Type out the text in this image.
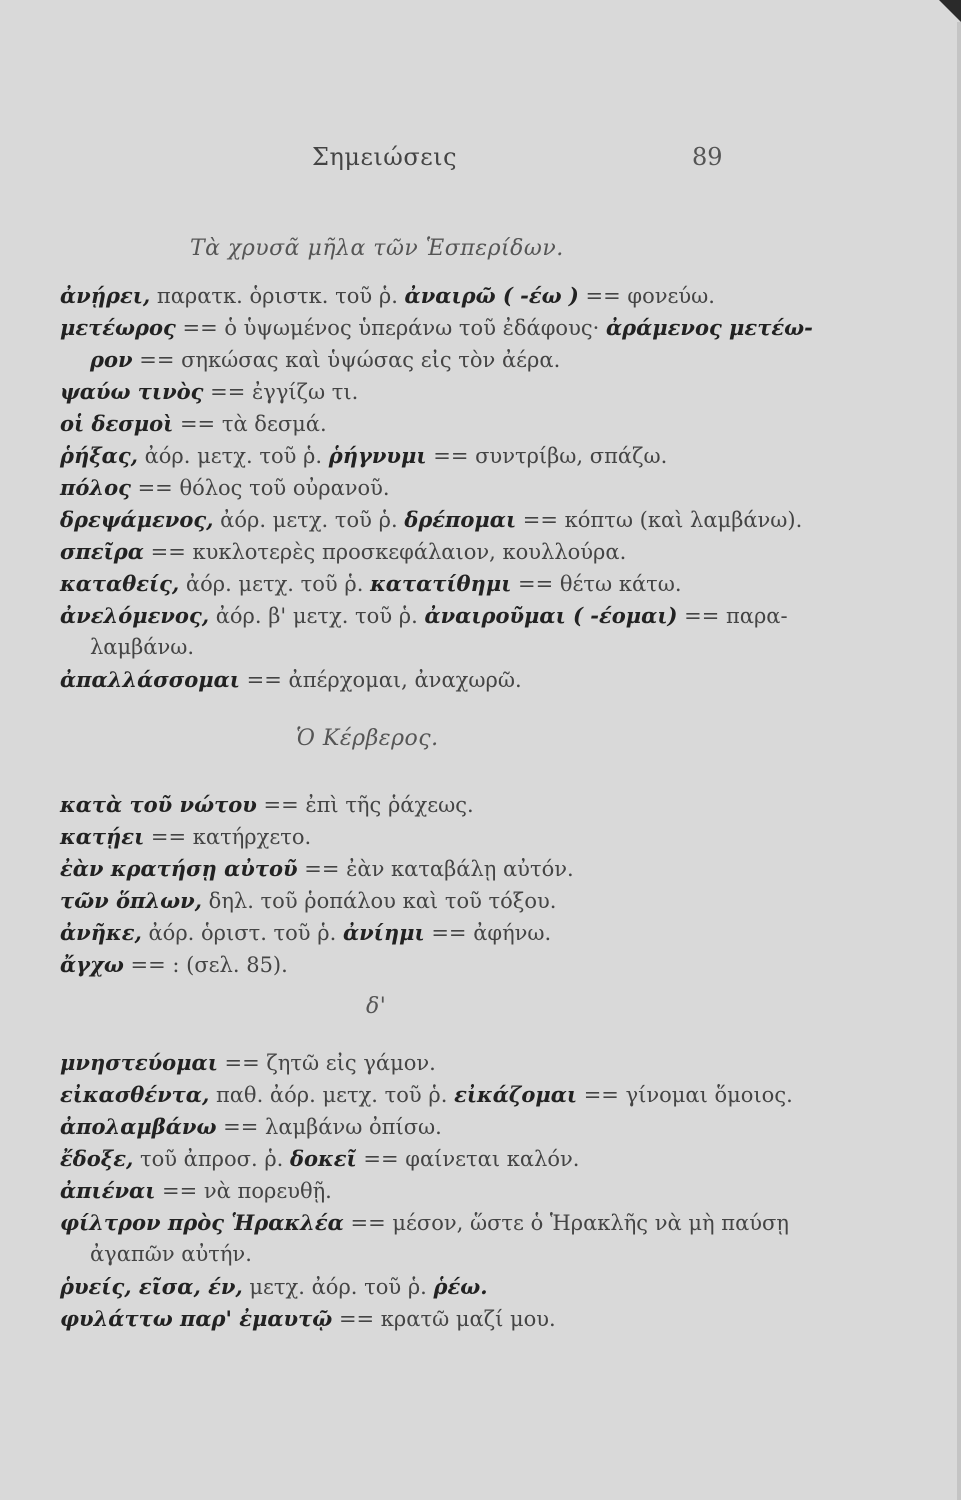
Σημειώσεις	89
Τὰ χρυσᾶ μῆλα τῶν Ἑσπερίδων.
ἀνῄρει, παρατκ. ὁριστκ. τοῦ ῥ. ἀναιρῶ ( -έω ) == φονεύω.
μετέωρος == ὁ ὑψωμένος ὑπεράνω τοῦ ἐδάφους· ἀράμενος μετέω-
ρον == σηκώσας καὶ ὑψώσας εἰς τὸν ἀέρα.
ψαύω τινὸς == ἐγγίζω τι.
οἱ δεσμοὶ == τὰ δεσμά.
ῥήξας, ἀόρ. μετχ. τοῦ ῥ. ῥήγνυμι == συντρίβω, σπάζω.
πόλος == θόλος τοῦ οὐρανοῦ.
δρεψάμενος, ἀόρ. μετχ. τοῦ ῥ. δρέπομαι == κόπτω (καὶ λαμβάνω).
σπεῖρα == κυκλοτερὲς προσκεφάλαιον, κουλλούρα.
καταθείς, ἀόρ. μετχ. τοῦ ῥ. κατατίθημι == θέτω κάτω.
ἀνελόμενος, ἀόρ. β' μετχ. τοῦ ῥ. ἀναιροῦμαι ( -έομαι) == παρα-
λαμβάνω.
ἀπαλλάσσομαι == ἀπέρχομαι, ἀναχωρῶ.
Ὁ Κέρβερος.
κατὰ τοῦ νώτου == ἐπὶ τῆς ῥάχεως.
κατῄει == κατήρχετο.
ἐὰν κρατήσῃ αὐτοῦ == ἐὰν καταβάλῃ αὐτόν.
τῶν ὅπλων, δηλ. τοῦ ῥοπάλου καὶ τοῦ τόξου.
ἀνῆκε, ἀόρ. ὁριστ. τοῦ ῥ. ἀνίημι == ἀφήνω.
ἄγχω == : (σελ. 85).
δ'
μνηστεύομαι == ζητῶ εἰς γάμον.
εἰκασθέντα, παθ. ἀόρ. μετχ. τοῦ ῥ. εἰκάζομαι == γίνομαι ὅμοιος.
ἀπολαμβάνω == λαμβάνω ὀπίσω.
ἔδοξε, τοῦ ἀπροσ. ῥ. δοκεῖ == φαίνεται καλόν.
ἀπιέναι == νὰ πορευθῇ.
φίλτρον πρὸς Ἡρακλέα == μέσον, ὥστε ὁ Ἡρακλῆς νὰ μὴ παύσῃ
ἀγαπῶν αὐτήν.
ῥυείς, εῖσα, έν, μετχ. ἀόρ. τοῦ ῥ. ῥέω.
φυλάττω παρ' ἐμαυτῷ == κρατῶ μαζί μου.
